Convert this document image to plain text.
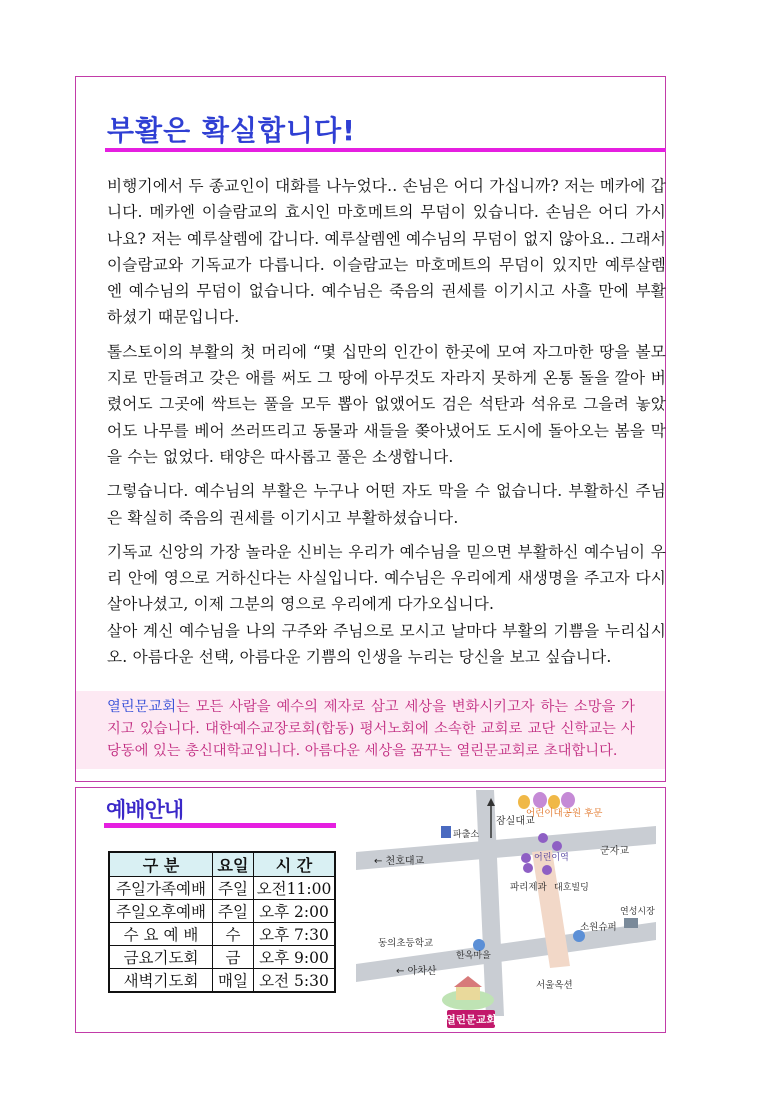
부활은 확실합니다!

비행기에서 두 종교인이 대화를 나누었다.. 손님은 어디 가십니까? 저는 메카에 갑니다. 메카엔 이슬람교의 효시인 마호메트의 무덤이 있습니다. 손님은 어디 가시나요? 저는 예루살렘에 갑니다. 예루살렘엔 예수님의 무덤이 없지 않아요.. 그래서 이슬람교와 기독교가 다릅니다. 이슬람교는 마호메트의 무덤이 있지만 예루살렘엔 예수님의 무덤이 없습니다. 예수님은 죽음의 권세를 이기시고 사흘 만에 부활하셨기 때문입니다.

톨스토이의 부활의 첫 머리에 “몇 십만의 인간이 한곳에 모여 자그마한 땅을 볼모지로 만들려고 갖은 애를 써도 그 땅에 아무것도 자라지 못하게 온통 돌을 깔아 버렸어도 그곳에 싹트는 풀을 모두 뽑아 없앴어도 검은 석탄과 석유로 그을려 놓았어도 나무를 베어 쓰러뜨리고 동물과 새들을 쫒아냈어도 도시에 돌아오는 봄을 막을 수는 없었다. 태양은 따사롭고 풀은 소생합니다.

그렇습니다. 예수님의 부활은 누구나 어떤 자도 막을 수 없습니다. 부활하신 주님은 확실히 죽음의 권세를 이기시고 부활하셨습니다.

기독교 신앙의 가장 놀라운 신비는 우리가 예수님을 믿으면 부활하신 예수님이 우리 안에 영으로 거하신다는 사실입니다. 예수님은 우리에게 새생명을 주고자 다시 살아나셨고, 이제 그분의 영으로 우리에게 다가오십니다.

살아 계신 예수님을 나의 구주와 주님으로 모시고 날마다 부활의 기쁨을 누리십시오. 아름다운 선택, 아름다운 기쁨의 인생을 누리는 당신을 보고 싶습니다.

열린문교회는 모든 사람을 예수의 제자로 삼고 세상을 변화시키고자 하는 소망을 가지고 있습니다. 대한예수교장로회(합동) 평서노회에 소속한 교회로 교단 신학교는 사당동에 있는 총신대학교입니다. 아름다운 세상을 꿈꾸는 열린문교회로 초대합니다.

예배안내
구 분	요일	시 간
주일가족예배	주일	오전11:00
주일오후예배	주일	오후 2:00
수 요 예 배	수	오후 7:30
금요기도회	금	오후 9:00
새벽기도회	매일	오전 5:30
잠실대교
어린이대공원 후문
파출소
← 천호대교
군자교
어린이역
파리제과 대호빌딩
동의초등학교
소원슈퍼
연성시장
한옥마을
← 아차산
서울옥션
열린문교회
